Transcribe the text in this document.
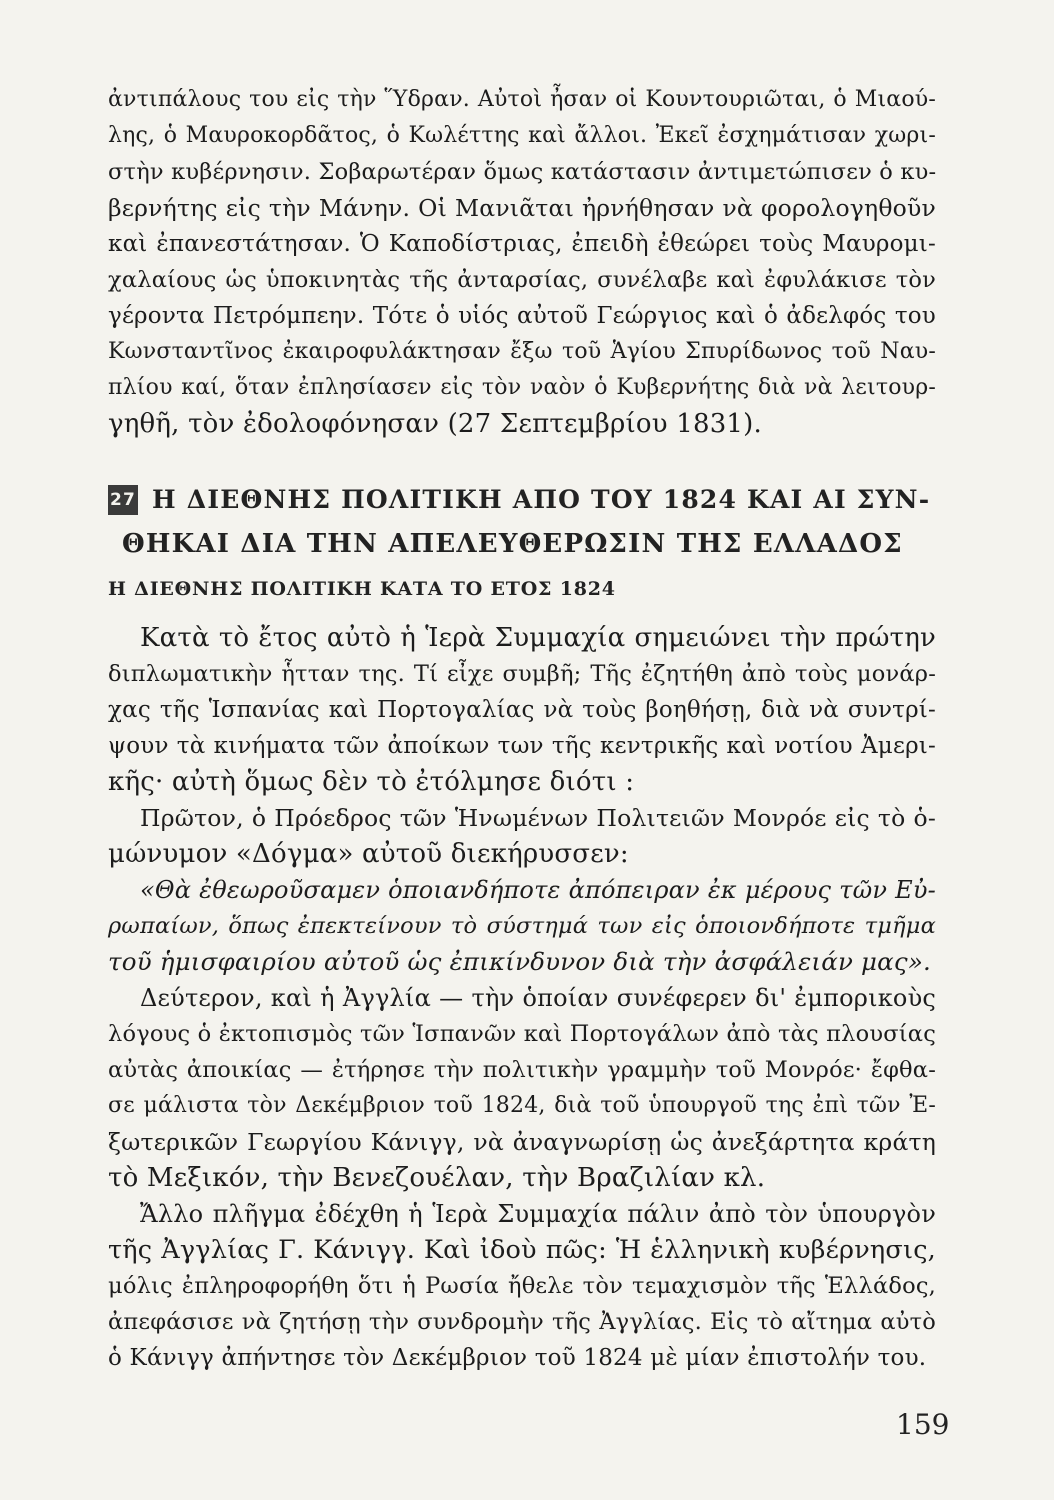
ἀντιπάλους του εἰς τὴν Ὕδραν. Αὐτοὶ ἦσαν οἱ Κουντουριῶται, ὁ Μιαού-
λης, ὁ Μαυροκορδᾶτος, ὁ Κωλέττης καὶ ἄλλοι. Ἐκεῖ ἐσχημάτισαν χωρι-
στὴν κυβέρνησιν. Σοβαρωτέραν ὅμως κατάστασιν ἀντιμετώπισεν ὁ κυ-
βερνήτης εἰς τὴν Μάνην. Οἱ Μανιᾶται ἠρνήθησαν νὰ φορολογηθοῦν
καὶ ἐπανεστάτησαν. Ὁ Καποδίστριας, ἐπειδὴ ἐθεώρει τοὺς Μαυρομι-
χαλαίους ὡς ὑποκινητὰς τῆς ἀνταρσίας, συνέλαβε καὶ ἐφυλάκισε τὸν
γέροντα Πετρόμπεην. Τότε ὁ υἱός αὐτοῦ Γεώργιος καὶ ὁ ἀδελφός του
Κωνσταντῖνος ἐκαιροφυλάκτησαν ἔξω τοῦ Ἁγίου Σπυρίδωνος τοῦ Ναυ-
πλίου καί, ὅταν ἐπλησίασεν εἰς τὸν ναὸν ὁ Κυβερνήτης διὰ νὰ λειτουρ-
γηθῆ, τὸν ἐδολοφόνησαν (27 Σεπτεμβρίου 1831).
27 Η ΔΙΕΘΝΗΣ ΠΟΛΙΤΙΚΗ ΑΠΟ ΤΟΥ 1824 ΚΑΙ ΑΙ ΣΥΝ-
ΘΗΚΑΙ ΔΙΑ ΤΗΝ ΑΠΕΛΕΥΘΕΡΩΣΙΝ ΤΗΣ ΕΛΛΑΔΟΣ
Η ΔΙΕΘΝΗΣ ΠΟΛΙΤΙΚΗ ΚΑΤΑ ΤΟ ΕΤΟΣ 1824
Κατὰ τὸ ἔτος αὐτὸ ἡ Ἱερὰ Συμμαχία σημειώνει τὴν πρώτην
διπλωματικὴν ἧτταν της. Τί εἶχε συμβῆ; Τῆς ἐζητήθη ἀπὸ τοὺς μονάρ-
χας τῆς Ἱσπανίας καὶ Πορτογαλίας νὰ τοὺς βοηθήσῃ, διὰ νὰ συντρί-
ψουν τὰ κινήματα τῶν ἀποίκων των τῆς κεντρικῆς καὶ νοτίου Ἀμερι-
κῆς· αὐτὴ ὅμως δὲν τὸ ἐτόλμησε διότι :
Πρῶτον, ὁ Πρόεδρος τῶν Ἡνωμένων Πολιτειῶν Μονρόε εἰς τὸ ὁ-
μώνυμον «Δόγμα» αὐτοῦ διεκήρυσσεν:
«Θὰ ἐθεωροῦσαμεν ὁποιανδήποτε ἀπόπειραν ἐκ μέρους τῶν Εὐ-
ρωπαίων, ὅπως ἐπεκτείνουν τὸ σύστημά των εἰς ὁποιονδήποτε τμῆμα
τοῦ ἡμισφαιρίου αὐτοῦ ὡς ἐπικίνδυνον διὰ τὴν ἀσφάλειάν μας».
Δεύτερον, καὶ ἡ Ἀγγλία — τὴν ὁποίαν συνέφερεν δι' ἐμπορικοὺς
λόγους ὁ ἐκτοπισμὸς τῶν Ἱσπανῶν καὶ Πορτογάλων ἀπὸ τὰς πλουσίας
αὐτὰς ἀποικίας — ἐτήρησε τὴν πολιτικὴν γραμμὴν τοῦ Μονρόε· ἔφθα-
σε μάλιστα τὸν Δεκέμβριον τοῦ 1824, διὰ τοῦ ὑπουργοῦ της ἐπὶ τῶν Ἐ-
ξωτερικῶν Γεωργίου Κάνιγγ, νὰ ἀναγνωρίσῃ ὡς ἀνεξάρτητα κράτη
τὸ Μεξικόν, τὴν Βενεζουέλαν, τὴν Βραζιλίαν κλ.
Ἄλλο πλῆγμα ἐδέχθη ἡ Ἱερὰ Συμμαχία πάλιν ἀπὸ τὸν ὑπουργὸν
τῆς Ἀγγλίας Γ. Κάνιγγ. Καὶ ἰδοὺ πῶς: Ἡ ἑλληνικὴ κυβέρνησις,
μόλις ἐπληροφορήθη ὅτι ἡ Ρωσία ἤθελε τὸν τεμαχισμὸν τῆς Ἑλλάδος,
ἀπεφάσισε νὰ ζητήσῃ τὴν συνδρομὴν τῆς Ἀγγλίας. Εἰς τὸ αἴτημα αὐτὸ
ὁ Κάνιγγ ἀπήντησε τὸν Δεκέμβριον τοῦ 1824 μὲ μίαν ἐπιστολήν του.
159
